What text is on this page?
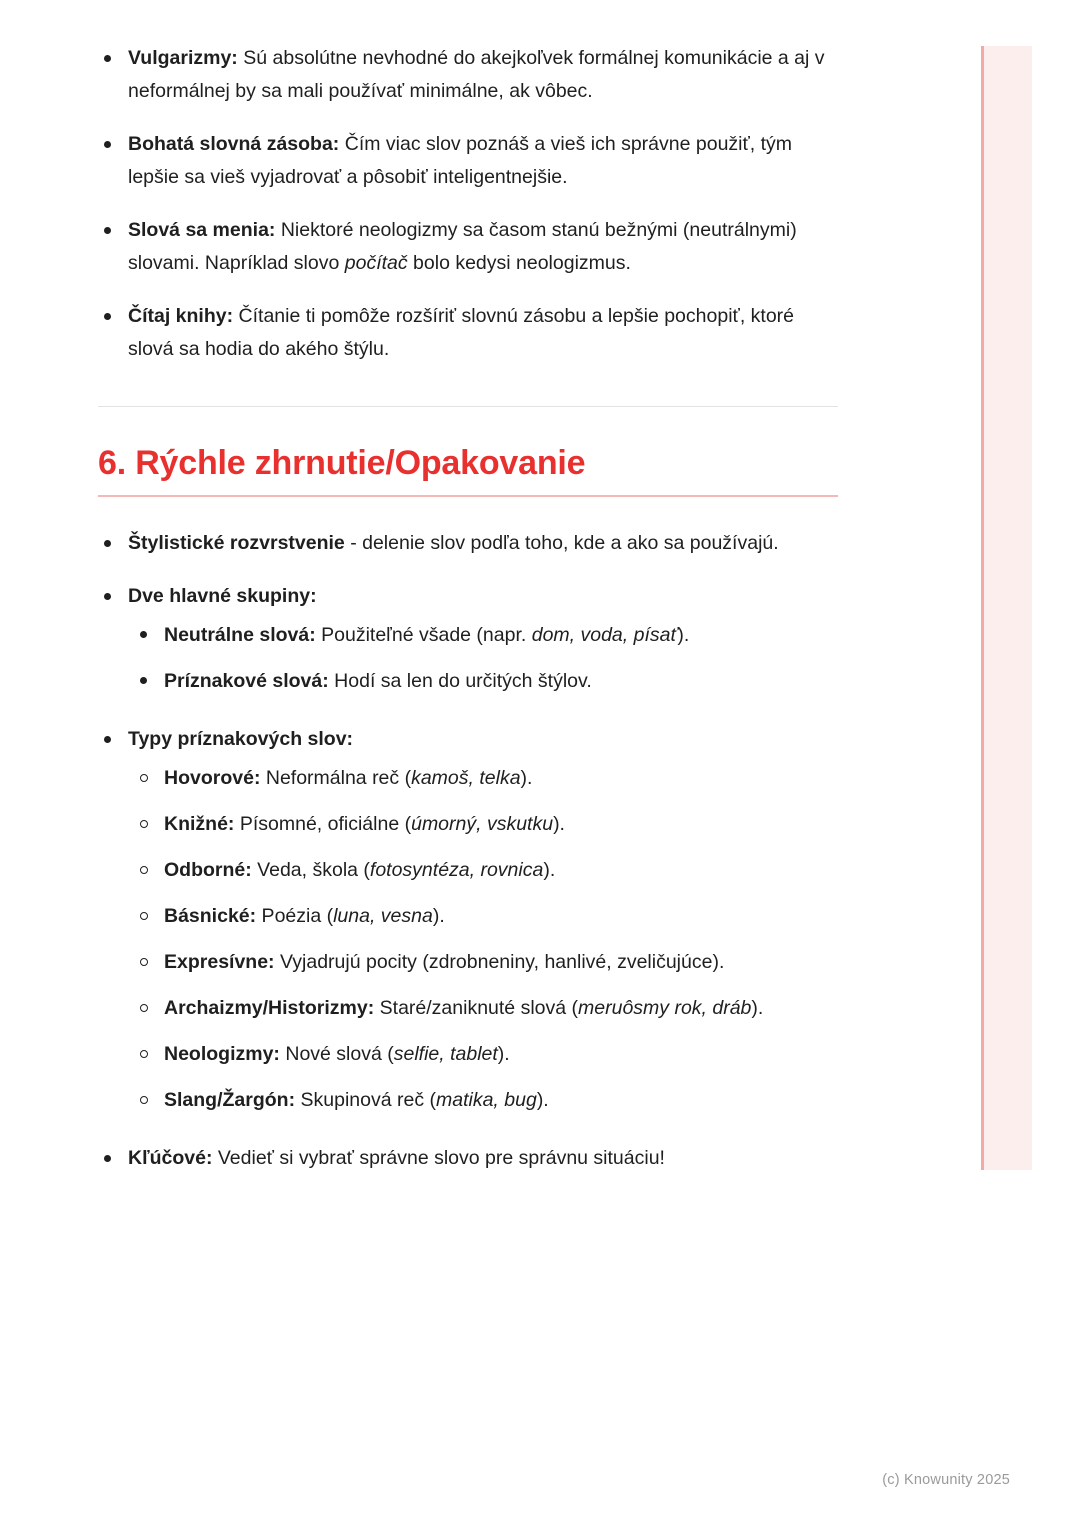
Vulgarizmy: Sú absolútne nevhodné do akejkoľvek formálnej komunikácie a aj v neformálnej by sa mali používať minimálne, ak vôbec.
Bohatá slovná zásoba: Čím viac slov poznáš a vieš ich správne použiť, tým lepšie sa vieš vyjadrovať a pôsobiť inteligentnejšie.
Slová sa menia: Niektoré neologizmy sa časom stanú bežnými (neutrálnymi) slovami. Napríklad slovo počítač bolo kedysi neologizmus.
Čítaj knihy: Čítanie ti pomôže rozšíriť slovnú zásobu a lepšie pochopiť, ktoré slová sa hodia do akého štýlu.
6. Rýchle zhrnutie/Opakovanie
Štylistické rozvrstvenie - delenie slov podľa toho, kde a ako sa používajú.
Dve hlavné skupiny:
Neutrálne slová: Použiteľné všade (napr. dom, voda, písať).
Príznakové slová: Hodí sa len do určitých štýlov.
Typy príznakových slov:
Hovorové: Neformálna reč (kamoš, telka).
Knižné: Písomné, oficiálne (úmorný, vskutku).
Odborné: Veda, škola (fotosyntéza, rovnica).
Básnické: Poézia (luna, vesna).
Expresívne: Vyjadrujú pocity (zdrobneniny, hanlivé, zveličujúce).
Archaizmy/Historizmy: Staré/zaniknuté slová (meruôsmy rok, dráb).
Neologizmy: Nové slová (selfie, tablet).
Slang/Žargón: Skupinová reč (matika, bug).
Kľúčové: Vedieť si vybrať správne slovo pre správnu situáciu!
(c) Knowunity 2025
